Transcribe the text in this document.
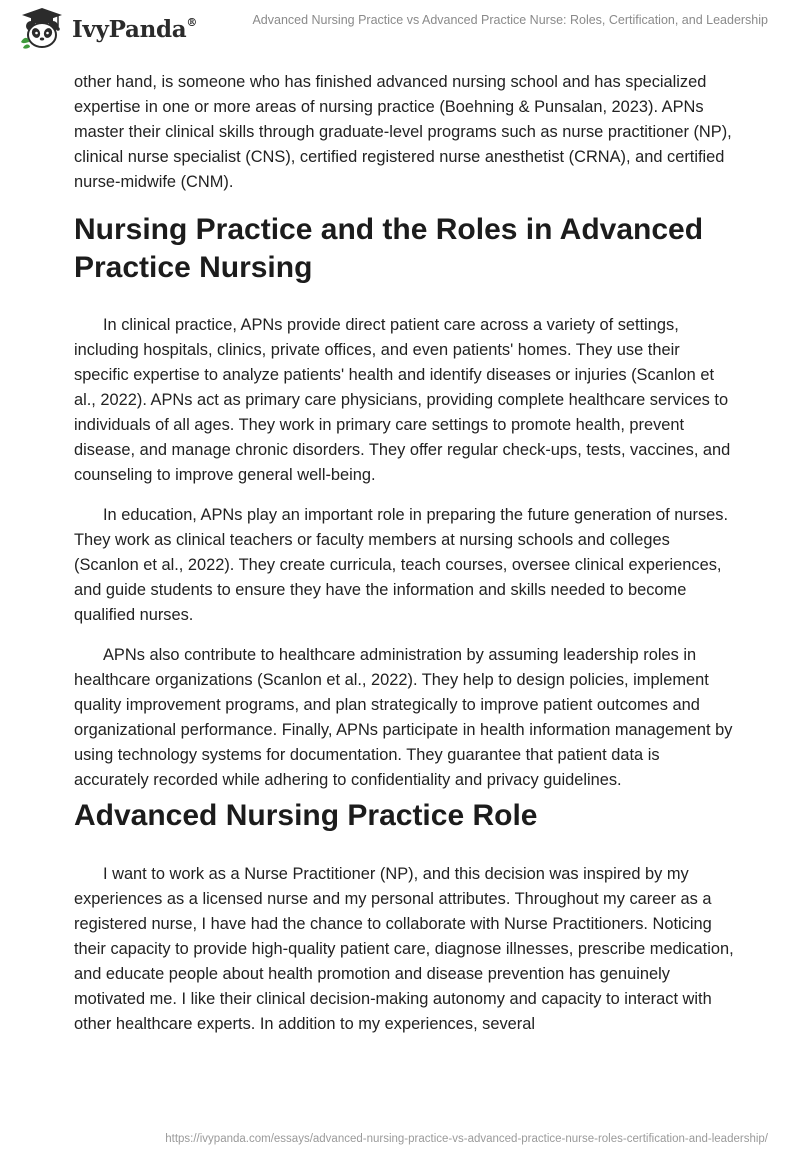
IvyPanda®	Advanced Nursing Practice vs Advanced Practice Nurse: Roles, Certification, and Leadership

other hand, is someone who has finished advanced nursing school and has specialized expertise in one or more areas of nursing practice (Boehning & Punsalan, 2023). APNs master their clinical skills through graduate-level programs such as nurse practitioner (NP), clinical nurse specialist (CNS), certified registered nurse anesthetist (CRNA), and certified nurse-midwife (CNM).

Nursing Practice and the Roles in Advanced Practice Nursing

In clinical practice, APNs provide direct patient care across a variety of settings, including hospitals, clinics, private offices, and even patients' homes. They use their specific expertise to analyze patients' health and identify diseases or injuries (Scanlon et al., 2022). APNs act as primary care physicians, providing complete healthcare services to individuals of all ages. They work in primary care settings to promote health, prevent disease, and manage chronic disorders. They offer regular check-ups, tests, vaccines, and counseling to improve general well-being.

In education, APNs play an important role in preparing the future generation of nurses. They work as clinical teachers or faculty members at nursing schools and colleges (Scanlon et al., 2022). They create curricula, teach courses, oversee clinical experiences, and guide students to ensure they have the information and skills needed to become qualified nurses.

APNs also contribute to healthcare administration by assuming leadership roles in healthcare organizations (Scanlon et al., 2022). They help to design policies, implement quality improvement programs, and plan strategically to improve patient outcomes and organizational performance. Finally, APNs participate in health information management by using technology systems for documentation. They guarantee that patient data is accurately recorded while adhering to confidentiality and privacy guidelines.

Advanced Nursing Practice Role

I want to work as a Nurse Practitioner (NP), and this decision was inspired by my experiences as a licensed nurse and my personal attributes. Throughout my career as a registered nurse, I have had the chance to collaborate with Nurse Practitioners. Noticing their capacity to provide high-quality patient care, diagnose illnesses, prescribe medication, and educate people about health promotion and disease prevention has genuinely motivated me. I like their clinical decision-making autonomy and capacity to interact with other healthcare experts. In addition to my experiences, several

https://ivypanda.com/essays/advanced-nursing-practice-vs-advanced-practice-nurse-roles-certification-and-leadership/
